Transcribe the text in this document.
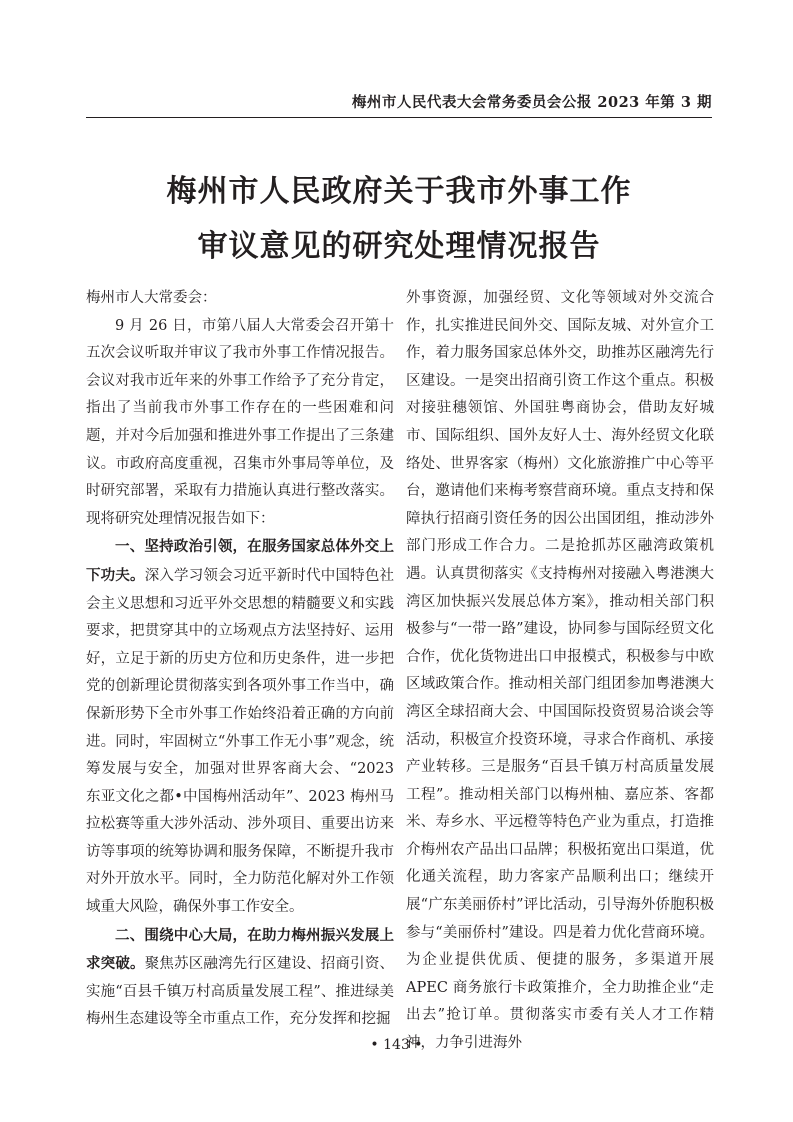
梅州市人民代表大会常务委员会公报 2023 年第 3 期
梅州市人民政府关于我市外事工作
审议意见的研究处理情况报告

梅州市人大常委会：

9 月 26 日，市第八届人大常委会召开第十五次会议听取并审议了我市外事工作情况报告。会议对我市近年来的外事工作给予了充分肯定，指出了当前我市外事工作存在的一些困难和问题，并对今后加强和推进外事工作提出了三条建议。市政府高度重视，召集市外事局等单位，及时研究部署，采取有力措施认真进行整改落实。现将研究处理情况报告如下：

一、坚持政治引领，在服务国家总体外交上下功夫。深入学习领会习近平新时代中国特色社会主义思想和习近平外交思想的精髓要义和实践要求，把贯穿其中的立场观点方法坚持好、运用好，立足于新的历史方位和历史条件，进一步把党的创新理论贯彻落实到各项外事工作当中，确保新形势下全市外事工作始终沿着正确的方向前进。同时，牢固树立“外事工作无小事”观念，统筹发展与安全，加强对世界客商大会、“2023 东亚文化之都•中国梅州活动年”、2023 梅州马拉松赛等重大涉外活动、涉外项目、重要出访来访等事项的统筹协调和服务保障，不断提升我市对外开放水平。同时，全力防范化解对外工作领域重大风险，确保外事工作安全。

二、围绕中心大局，在助力梅州振兴发展上求突破。聚焦苏区融湾先行区建设、招商引资、实施“百县千镇万村高质量发展工程”、推进绿美梅州生态建设等全市重点工作，充分发挥和挖掘

外事资源，加强经贸、文化等领域对外交流合作，扎实推进民间外交、国际友城、对外宣介工作，着力服务国家总体外交，助推苏区融湾先行区建设。一是突出招商引资工作这个重点。积极对接驻穗领馆、外国驻粤商协会，借助友好城市、国际组织、国外友好人士、海外经贸文化联络处、世界客家（梅州）文化旅游推广中心等平台，邀请他们来梅考察营商环境。重点支持和保障执行招商引资任务的因公出国团组，推动涉外部门形成工作合力。二是抢抓苏区融湾政策机遇。认真贯彻落实《支持梅州对接融入粤港澳大湾区加快振兴发展总体方案》，推动相关部门积极参与“一带一路”建设，协同参与国际经贸文化合作，优化货物进出口申报模式，积极参与中欧区域政策合作。推动相关部门组团参加粤港澳大湾区全球招商大会、中国国际投资贸易洽谈会等活动，积极宣介投资环境，寻求合作商机、承接产业转移。三是服务“百县千镇万村高质量发展工程”。推动相关部门以梅州柚、嘉应茶、客都米、寿乡水、平远橙等特色产业为重点，打造推介梅州农产品出口品牌；积极拓宽出口渠道，优化通关流程，助力客家产品顺利出口；继续开展“广东美丽侨村”评比活动，引导海外侨胞积极参与“美丽侨村”建设。四是着力优化营商环境。为企业提供优质、便捷的服务，多渠道开展 APEC 商务旅行卡政策推介，全力助推企业“走出去”抢订单。贯彻落实市委有关人才工作精神，力争引进海外

• 143 •
